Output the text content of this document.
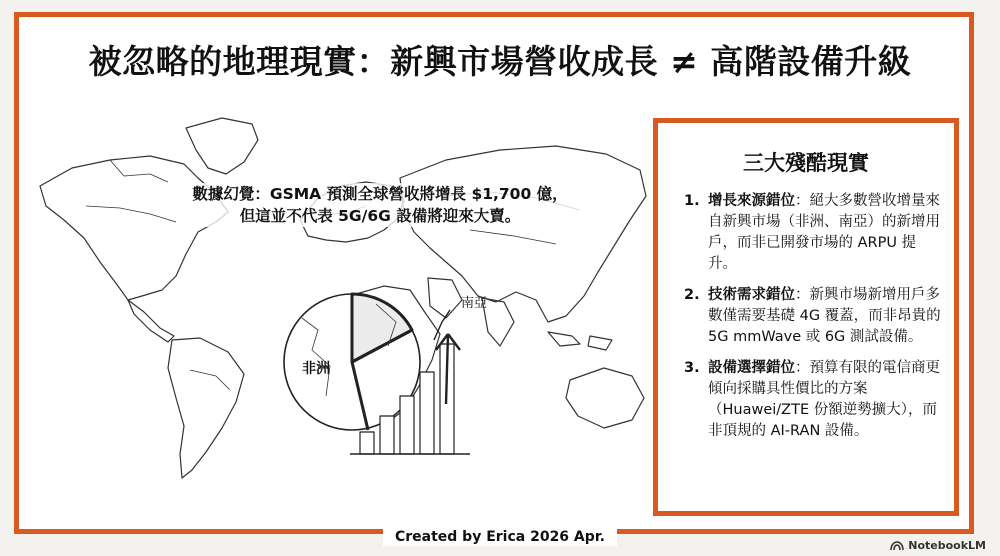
被忽略的地理現實：新興市場營收成長 ≠ 高階設備升級
數據幻覺：GSMA 預測全球營收將增長 $1,700 億，
但這並不代表 5G/6G 設備將迎來大賣。
非洲
南亞
三大殘酷現實
1. 增長來源錯位：絕大多數營收增量來自新興市場（非洲、南亞）的新增用戶，而非已開發市場的 ARPU 提升。
2. 技術需求錯位：新興市場新增用戶多數僅需要基礎 4G 覆蓋，而非昂貴的 5G mmWave 或 6G 測試設備。
3. 設備選擇錯位：預算有限的電信商更傾向採購具性價比的方案（Huawei/ZTE 份額逆勢擴大），而非頂規的 AI-RAN 設備。
Created by Erica 2026 Apr.
NotebookLM
